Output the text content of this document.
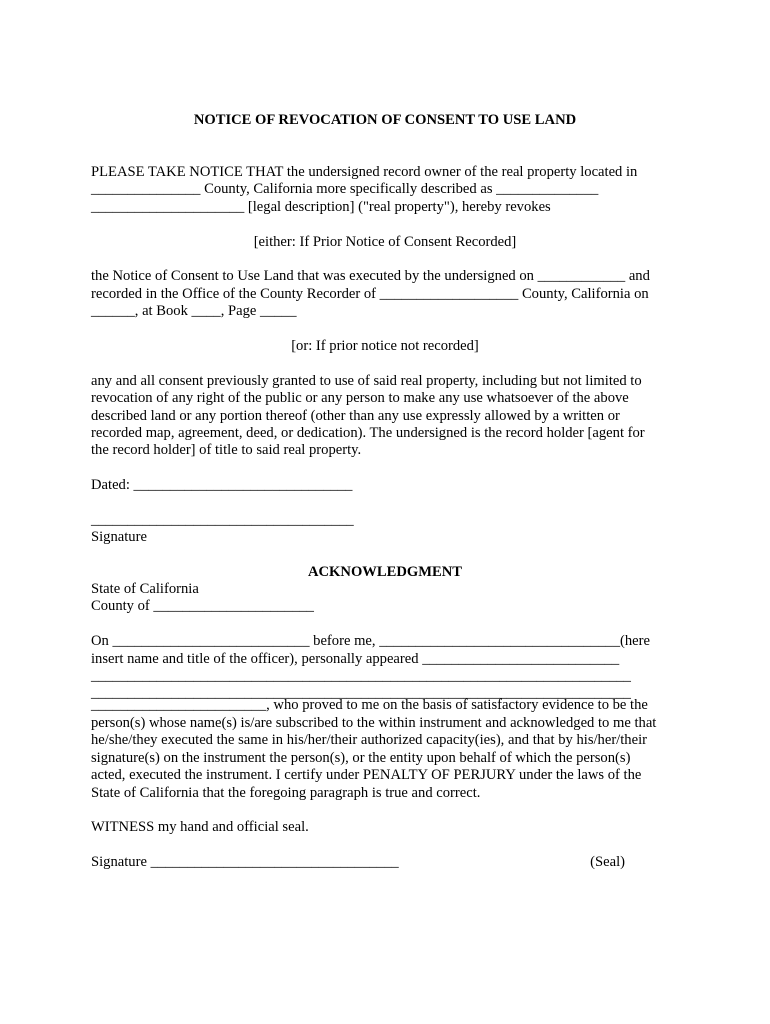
NOTICE OF REVOCATION OF CONSENT TO USE LAND

PLEASE TAKE NOTICE THAT the undersigned record owner of the real property located in

_______________ County, California more specifically described as ______________

_____________________ [legal description] ("real property"), hereby revokes

[either: If Prior Notice of Consent Recorded]

the Notice of Consent to Use Land that was executed by the undersigned on ____________ and

recorded in the Office of the County Recorder of ___________________ County, California on

______, at Book ____, Page _____

[or: If prior notice not recorded]

any and all consent previously granted to use of said real property, including but not limited to

revocation of any right of the public or any person to make any use whatsoever of the above

described land or any portion thereof (other than any use expressly allowed by a written or

recorded map, agreement, deed, or dedication). The undersigned is the record holder [agent for

the record holder] of title to said real property.

Dated: ______________________________

____________________________________

Signature

ACKNOWLEDGMENT

State of California

County of ______________________

On ___________________________ before me, _________________________________(here

insert name and title of the officer), personally appeared ___________________________

__________________________________________________________________________

__________________________________________________________________________

________________________, who proved to me on the basis of satisfactory evidence to be the

person(s) whose name(s) is/are subscribed to the within instrument and acknowledged to me that

he/she/they executed the same in his/her/their authorized capacity(ies), and that by his/her/their

signature(s) on the instrument the person(s), or the entity upon behalf of which the person(s)

acted, executed the instrument. I certify under PENALTY OF PERJURY under the laws of the

State of California that the foregoing paragraph is true and correct.

WITNESS my hand and official seal.

Signature __________________________________	(Seal)
